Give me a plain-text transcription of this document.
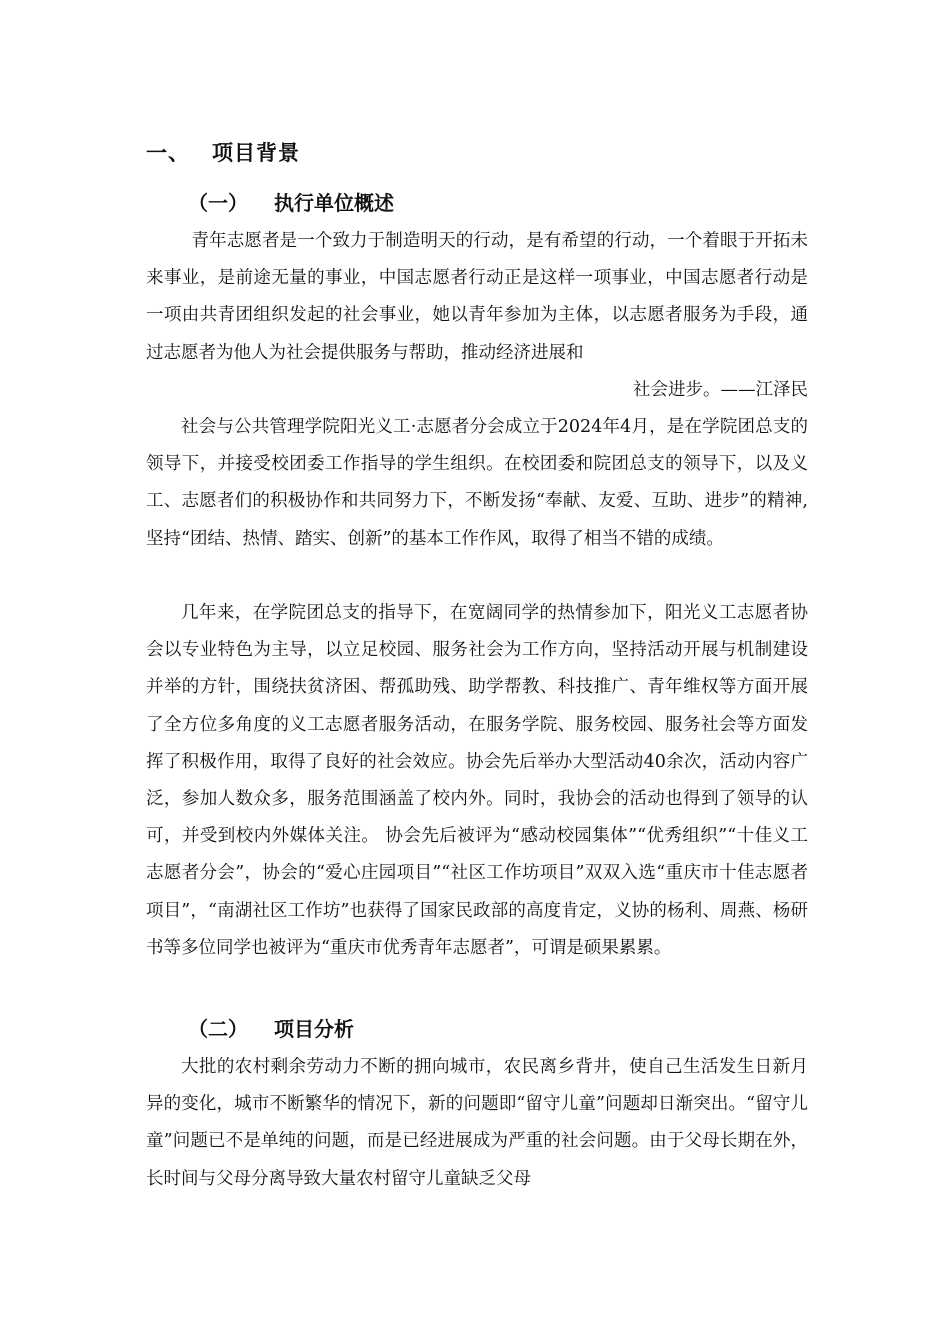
一、 项目背景
（一） 执行单位概述
青年志愿者是一个致力于制造明天的行动，是有希望的行动，一个着眼于开拓未来事业，是前途无量的事业，中国志愿者行动正是这样一项事业，中国志愿者行动是一项由共青团组织发起的社会事业，她以青年参加为主体，以志愿者服务为手段，通过志愿者为他人为社会提供服务与帮助，推动经济进展和
社会进步。——江泽民
社会与公共管理学院阳光义工·志愿者分会成立于2024年4月，是在学院团总支的领导下，并接受校团委工作指导的学生组织。在校团委和院团总支的领导下，以及义工、志愿者们的积极协作和共同努力下，不断发扬“奉献、友爱、互助、进步”的精神,坚持“团结、热情、踏实、创新”的基本工作作风，取得了相当不错的成绩。
几年来，在学院团总支的指导下，在宽阔同学的热情参加下，阳光义工志愿者协会以专业特色为主导，以立足校园、服务社会为工作方向，坚持活动开展与机制建设并举的方针，围绕扶贫济困、帮孤助残、助学帮教、科技推广、青年维权等方面开展了全方位多角度的义工志愿者服务活动，在服务学院、服务校园、服务社会等方面发挥了积极作用，取得了良好的社会效应。协会先后举办大型活动40余次，活动内容广泛，参加人数众多，服务范围涵盖了校内外。同时，我协会的活动也得到了领导的认可，并受到校内外媒体关注。 协会先后被评为“感动校园集体”“优秀组织”“十佳义工志愿者分会”，协会的“爱心庄园项目”“社区工作坊项目”双双入选“重庆市十佳志愿者项目”，“南湖社区工作坊”也获得了国家民政部的高度肯定，义协的杨利、周燕、杨研书等多位同学也被评为“重庆市优秀青年志愿者”，可谓是硕果累累。
（二） 项目分析
大批的农村剩余劳动力不断的拥向城市，农民离乡背井，使自己生活发生日新月异的变化，城市不断繁华的情况下，新的问题即“留守儿童”问题却日渐突出。“留守儿童”问题已不是单纯的问题，而是已经进展成为严重的社会问题。由于父母长期在外，长时间与父母分离导致大量农村留守儿童缺乏父母
